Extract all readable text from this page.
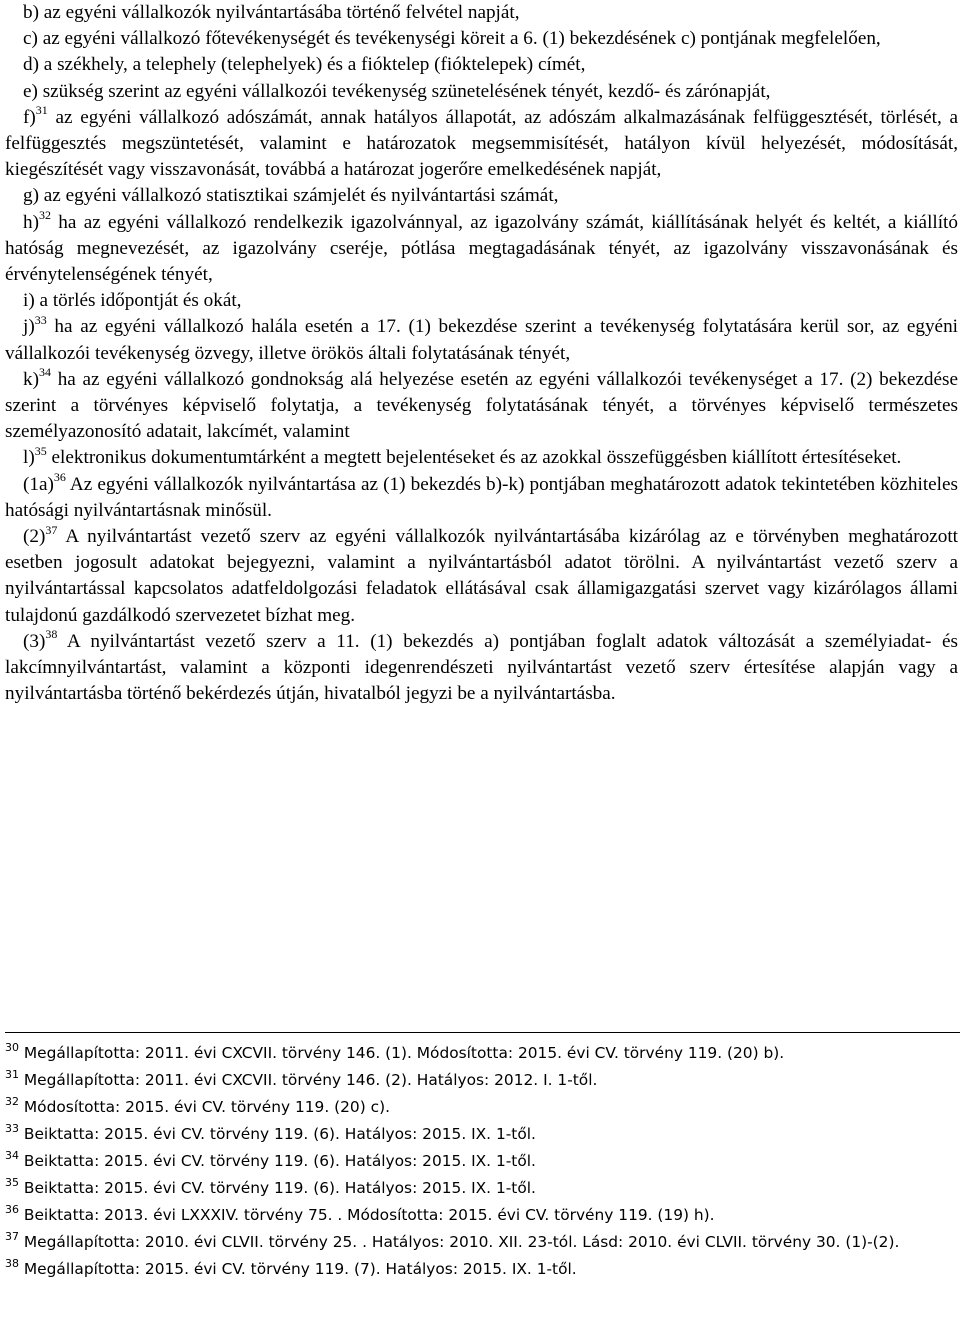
b) az egyéni vállalkozók nyilvántartásába történő felvétel napját,

c) az egyéni vállalkozó főtevékenységét és tevékenységi köreit a 6. (1) bekezdésének c) pontjának megfelelően,

d) a székhely, a telephely (telephelyek) és a fióktelep (fióktelepek) címét,

e) szükség szerint az egyéni vállalkozói tevékenység szünetelésének tényét, kezdő- és zárónapját,

f)$^{31}$ az egyéni vállalkozó adószámát, annak hatályos állapotát, az adószám alkalmazásának felfüggesztését, törlését, a felfüggesztés megszüntetését, valamint e határozatok megsemmisítését, hatályon kívül helyezését, módosítását, kiegészítését vagy visszavonását, továbbá a határozat jogerőre emelkedésének napját,

g) az egyéni vállalkozó statisztikai számjelét és nyilvántartási számát,

h)$^{32}$ ha az egyéni vállalkozó rendelkezik igazolvánnyal, az igazolvány számát, kiállításának helyét és keltét, a kiállító hatóság megnevezését, az igazolvány cseréje, pótlása megtagadásának tényét, az igazolvány visszavonásának és érvénytelenségének tényét,

i) a törlés időpontját és okát,

j)$^{33}$ ha az egyéni vállalkozó halála esetén a 17. (1) bekezdése szerint a tevékenység folytatására kerül sor, az egyéni vállalkozói tevékenység özvegy, illetve örökös általi folytatásának tényét,

k)$^{34}$ ha az egyéni vállalkozó gondnokság alá helyezése esetén az egyéni vállalkozói tevékenységet a 17. (2) bekezdése szerint a törvényes képviselő folytatja, a tevékenység folytatásának tényét, a törvényes képviselő természetes személyazonosító adatait, lakcímét, valamint

l)$^{35}$ elektronikus dokumentumtárként a megtett bejelentéseket és az azokkal összefüggésben kiállított értesítéseket.

$(1a)^{36}$ Az egyéni vállalkozók nyilvántartása az (1) bekezdés b)-k) pontjában meghatározott adatok tekintetében közhiteles hatósági nyilvántartásnak minősül.

$(2)^{37}$ A nyilvántartást vezető szerv az egyéni vállalkozók nyilvántartásába kizárólag az e törvényben meghatározott esetben jogosult adatokat bejegyezni, valamint a nyilvántartásból adatot törölni. A nyilvántartást vezető szerv a nyilvántartással kapcsolatos adatfeldolgozási feladatok ellátásával csak államigazgatási szervet vagy kizárólagos állami tulajdonú gazdálkodó szervezetet bízhat meg.

$(3)^{38}$ A nyilvántartást vezető szerv a 11. (1) bekezdés a) pontjában foglalt adatok változását a személyiadat- és lakcímnyilvántartást, valamint a központi idegenrendészeti nyilvántartást vezető szerv értesítése alapján vagy a nyilvántartásba történő bekérdezés útján, hivatalból jegyzi be a nyilvántartásba.

$^{30}$ Megállapította: 2011. évi CXCVII. törvény 146. (1). Módosította: 2015. évi CV. törvény 119. (20) b).

$^{31}$ Megállapította: 2011. évi CXCVII. törvény 146. (2). Hatályos: 2012. I. 1-től.

$^{32}$ Módosította: 2015. évi CV. törvény 119. (20) c).

$^{33}$ Beiktatta: 2015. évi CV. törvény 119. (6). Hatályos: 2015. IX. 1-től.

$^{34}$ Beiktatta: 2015. évi CV. törvény 119. (6). Hatályos: 2015. IX. 1-től.

$^{35}$ Beiktatta: 2015. évi CV. törvény 119. (6). Hatályos: 2015. IX. 1-től.

$^{36}$ Beiktatta: 2013. évi LXXXIV. törvény 75. . Módosította: 2015. évi CV. törvény 119. (19) h).

$^{37}$ Megállapította: 2010. évi CLVII. törvény 25. . Hatályos: 2010. XII. 23-tól. Lásd: 2010. évi CLVII. törvény 30. (1)-(2).

$^{38}$ Megállapította: 2015. évi CV. törvény 119. (7). Hatályos: 2015. IX. 1-től.
